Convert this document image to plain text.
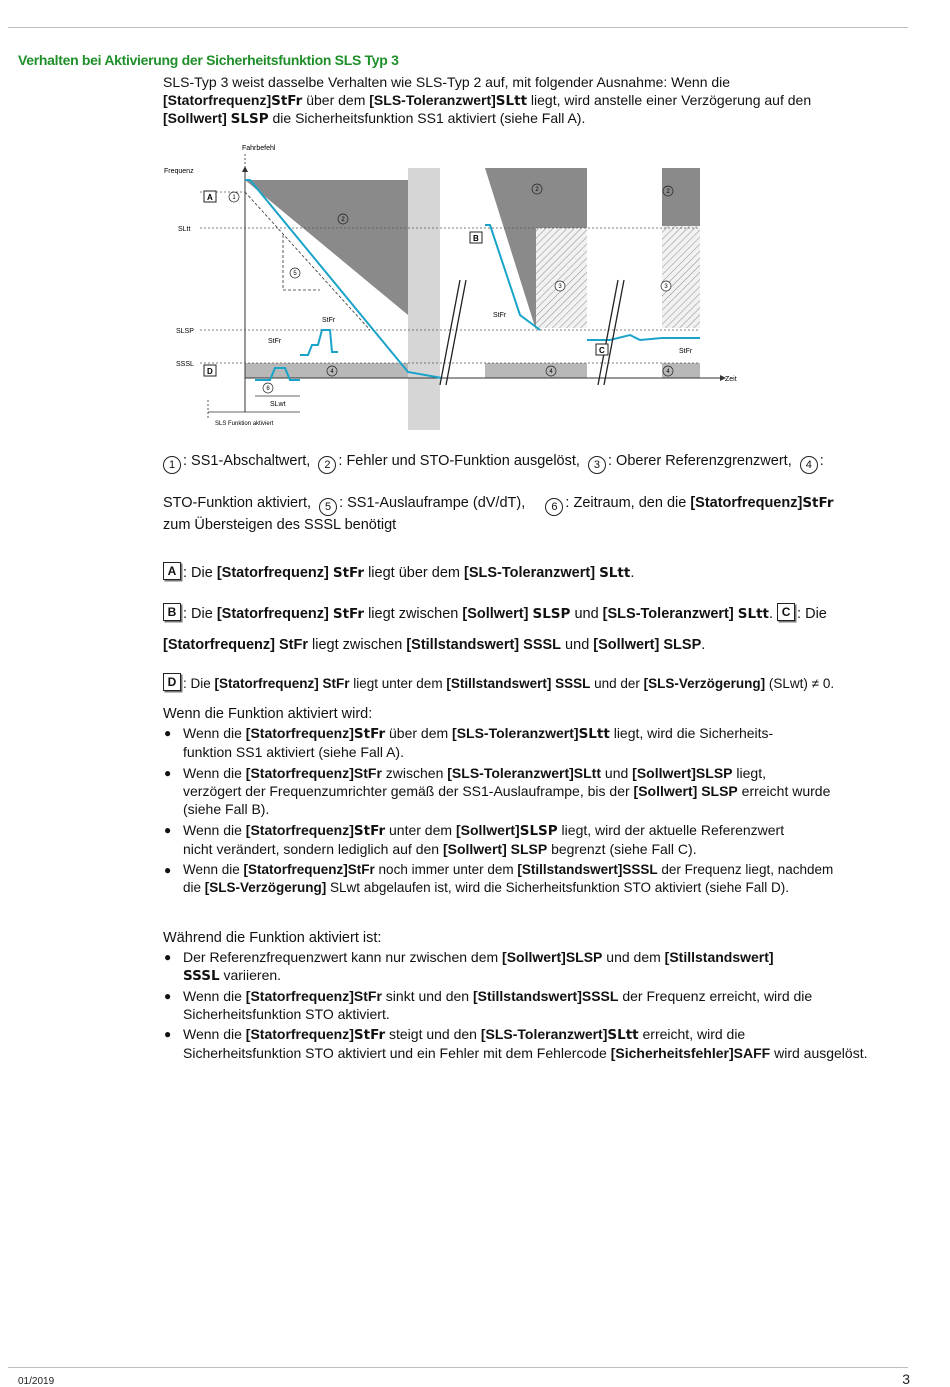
Verhalten bei Aktivierung der Sicherheitsfunktion SLS Typ 3
SLS-Typ 3 weist dasselbe Verhalten wie SLS-Typ 2 auf, mit folgender Ausnahme: Wenn die
[Statorfrequenz]StFr über dem [SLS-Toleranzwert]SLtt liegt, wird anstelle einer Verzögerung auf den
[Sollwert] SLSP die Sicherheitsfunktion SS1 aktiviert (siehe Fall A).
Fahrbefehl
Frequenz
SLtt
SLSP
SSSL
Zeit
StFr
StFr
StFr
StFr
SLwt
SLS Funktion aktiviert
A
B
C
D
1
2
2	2
3	3
4	4	4
5
6
1 : SS1-Abschaltwert, 2 : Fehler und STO-Funktion ausgelöst, 3 : Oberer Referenzgrenzwert, 4 :
STO-Funktion aktiviert, 5 : SS1-Auslauframpe (dV/dT), 6 : Zeitraum, den die [Statorfrequenz]StFr
zum Übersteigen des SSSL benötigt
A : Die [Statorfrequenz] StFr liegt über dem [SLS-Toleranzwert] SLtt.
B : Die [Statorfrequenz] StFr liegt zwischen [Sollwert] SLSP und [SLS-Toleranzwert] SLtt. C : Die
[Statorfrequenz] StFr liegt zwischen [Stillstandswert] SSSL und [Sollwert] SLSP.
D : Die [Statorfrequenz] StFr liegt unter dem [Stillstandswert] SSSL und der [SLS-Verzögerung] (SLwt) ≠ 0.
Wenn die Funktion aktiviert wird:
● Wenn die [Statorfrequenz]StFr über dem [SLS-Toleranzwert]SLtt liegt, wird die Sicherheits-
funktion SS1 aktiviert (siehe Fall A).
● Wenn die [Statorfrequenz]StFr zwischen [SLS-Toleranzwert]SLtt und [Sollwert]SLSP liegt,
verzögert der Frequenzumrichter gemäß der SS1-Auslauframpe, bis der [Sollwert] SLSP erreicht wurde
(siehe Fall B).
● Wenn die [Statorfrequenz]StFr unter dem [Sollwert]SLSP liegt, wird der aktuelle Referenzwert
nicht verändert, sondern lediglich auf den [Sollwert] SLSP begrenzt (siehe Fall C).
● Wenn die [Statorfrequenz]StFr noch immer unter dem [Stillstandswert]SSSL der Frequenz liegt, nachdem
die [SLS-Verzögerung] SLwt abgelaufen ist, wird die Sicherheitsfunktion STO aktiviert (siehe Fall D).
Während die Funktion aktiviert ist:
● Der Referenzfrequenzwert kann nur zwischen dem [Sollwert]SLSP und dem [Stillstandswert]
SSSL variieren.
● Wenn die [Statorfrequenz]StFr sinkt und den [Stillstandswert]SSSL der Frequenz erreicht, wird die
Sicherheitsfunktion STO aktiviert.
● Wenn die [Statorfrequenz]StFr steigt und den [SLS-Toleranzwert]SLtt erreicht, wird die
Sicherheitsfunktion STO aktiviert und ein Fehler mit dem Fehlercode [Sicherheitsfehler]SAFF wird ausgelöst.
01/2019	3
